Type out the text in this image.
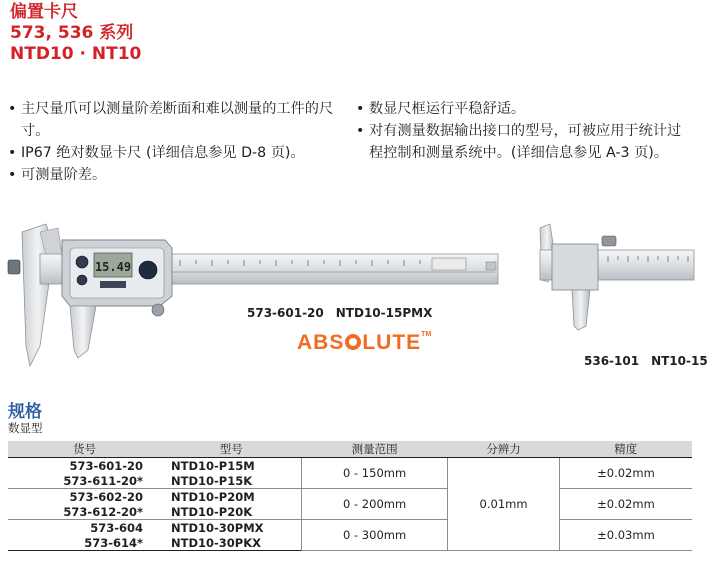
偏置卡尺
573, 536 系列
NTD10 · NT10
• 主尺量爪可以测量阶差断面和难以测量的工件的尺寸。
• IP67 绝对数显卡尺 (详细信息参见 D-8 页)。
• 可测量阶差。
• 数显尺框运行平稳舒适。
• 对有测量数据输出接口的型号，可被应用于统计过程控制和测量系统中。(详细信息参见 A-3 页)。
15.49
573-601-20　NTD10-15PMX
ABS LUTE™
536-101　NT10-15
规格
数显型
货号	型号	测量范围	分辨力	精度
573-601-20	NTD10-P15M	0 - 150mm	0.01mm	±0.02mm
573-611-20*	NTD10-P15K			
573-602-20	NTD10-P20M	0 - 200mm		±0.02mm
573-612-20*	NTD10-P20K			
573-604	NTD10-30PMX	0 - 300mm		±0.03mm
573-614*	NTD10-30PKX			
